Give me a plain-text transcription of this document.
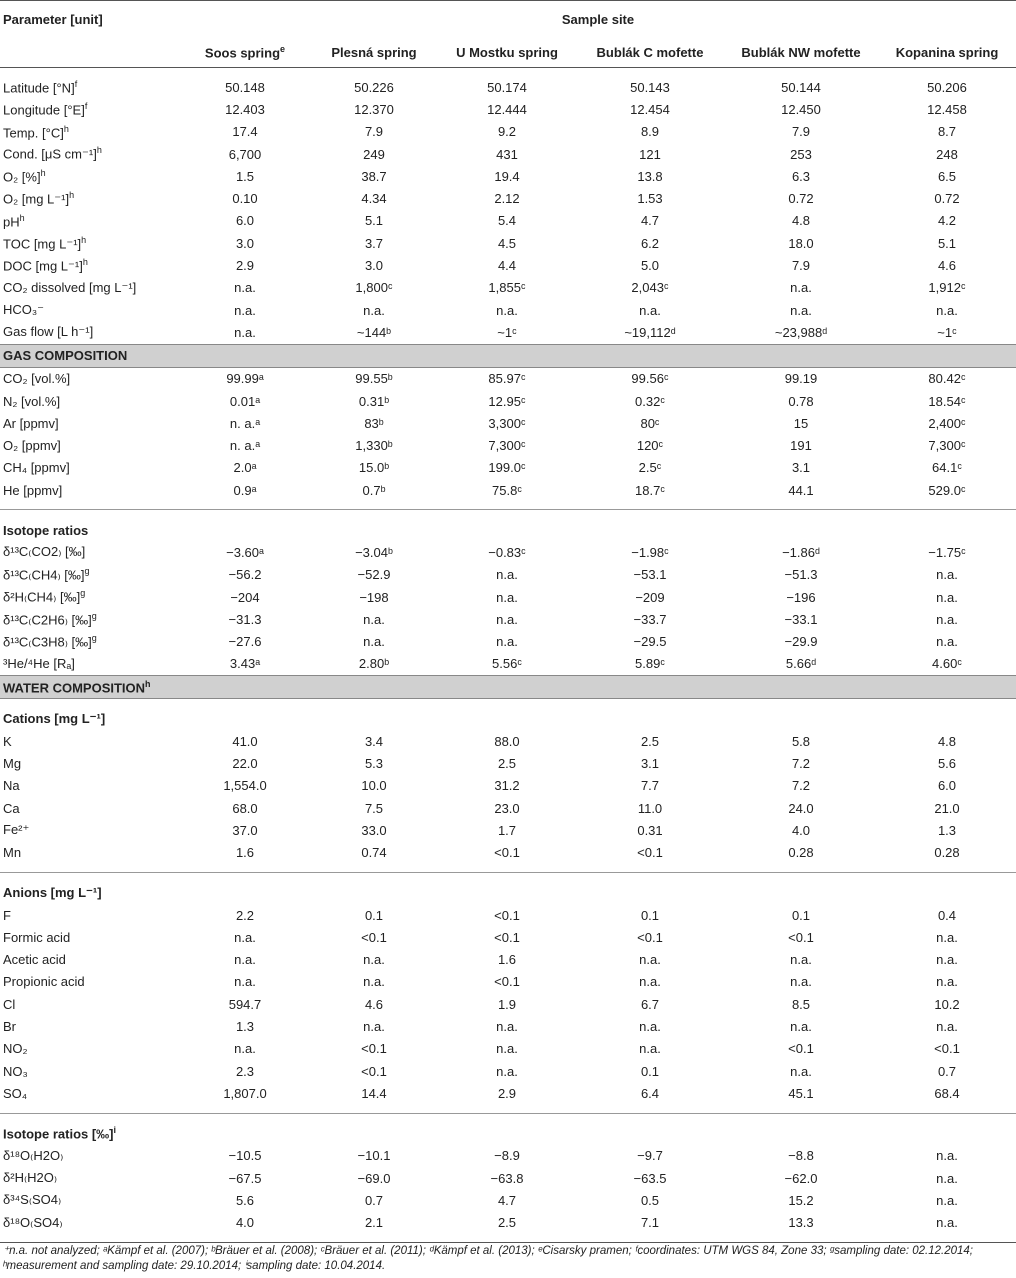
Parameter [unit]	Sample site					
	Soos spring$^e$	Plesná spring	U Mostku spring	Bublák C mofette	Bublák NW mofette	Kopanina spring

Latitude $[^\circ N]^f$	50.148	50.226	50.174	50.143	50.144	50.206
Longitude $[^\circ E]^f$	12.403	12.370	12.444	12.454	12.450	12.458
Temp. $[^\circ C]^h$	17.4	7.9	9.2	8.9	7.9	8.7
Cond. [μS cm⁻¹]$^h$	6,700	249	431	121	253	248
O₂ [%]$^h$	1.5	38.7	19.4	13.8	6.3	6.5
O₂ [mg L⁻¹]$^h$	0.10	4.34	2.12	1.53	0.72	0.72
$pH^h$	6.0	5.1	5.4	4.7	4.8	4.2
TOC [mg L⁻¹]$^h$	3.0	3.7	4.5	6.2	18.0	5.1
DOC [mg L⁻¹]$^h$	2.9	3.0	4.4	5.0	7.9	4.6
CO₂ dissolved [mg L⁻¹]	n.a.	1,800ᶜ	1,855ᶜ	2,043ᶜ	n.a.	1,912ᶜ
HCO₃⁻	n.a.	n.a.	n.a.	n.a.	n.a.	n.a.
Gas flow [L h⁻¹]	n.a.	~144ᵇ	~1ᶜ	~19,112ᵈ	~23,988ᵈ	~1ᶜ
GAS COMPOSITION						
CO₂ [vol.%]	99.99ᵃ	99.55ᵇ	85.97ᶜ	99.56ᶜ	99.19	80.42ᶜ
N₂ [vol.%]	0.01ᵃ	0.31ᵇ	12.95ᶜ	0.32ᶜ	0.78	18.54ᶜ
Ar [ppmv]	n. a.ᵃ	83ᵇ	3,300ᶜ	80ᶜ	15	2,400ᶜ
O₂ [ppmv]	n. a.ᵃ	1,330ᵇ	7,300ᶜ	120ᶜ	191	7,300ᶜ
CH₄ [ppmv]	2.0ᵃ	15.0ᵇ	199.0ᶜ	2.5ᶜ	3.1	64.1ᶜ
He [ppmv]	0.9ᵃ	0.7ᵇ	75.8ᶜ	18.7ᶜ	44.1	529.0ᶜ

Isotope ratios						
δ¹³C₍CO2₎ [‰]	−3.60ᵃ	−3.04ᵇ	−0.83ᶜ	−1.98ᶜ	−1.86ᵈ	−1.75ᶜ
δ¹³C₍CH4₎ [‰]$^g$	−56.2	−52.9	n.a.	−53.1	−51.3	n.a.
δ²H₍CH4₎ [‰]$^g$	−204	−198	n.a.	−209	−196	n.a.
δ¹³C₍C2H6₎ [‰]$^g$	−31.3	n.a.	n.a.	−33.7	−33.1	n.a.
δ¹³C₍C3H8₎ [‰]$^g$	−27.6	n.a.	n.a.	−29.5	−29.9	n.a.
³He/⁴He [Rₐ]	3.43ᵃ	2.80ᵇ	5.56ᶜ	5.89ᶜ	5.66ᵈ	4.60ᶜ
WATER COMPOSITION$^h$
Cations [mg L⁻¹]						
K	41.0	3.4	88.0	2.5	5.8	4.8
Mg	22.0	5.3	2.5	3.1	7.2	5.6
Na	1,554.0	10.0	31.2	7.7	7.2	6.0
Ca	68.0	7.5	23.0	11.0	24.0	21.0
Fe²⁺	37.0	33.0	1.7	0.31	4.0	1.3
Mn	1.6	0.74	<0.1	<0.1	0.28	0.28

Anions [mg L⁻¹]						
F	2.2	0.1	<0.1	0.1	0.1	0.4
Formic acid	n.a.	<0.1	<0.1	<0.1	<0.1	n.a.
Acetic acid	n.a.	n.a.	1.6	n.a.	n.a.	n.a.
Propionic acid	n.a.	n.a.	<0.1	n.a.	n.a.	n.a.
Cl	594.7	4.6	1.9	6.7	8.5	10.2
Br	1.3	n.a.	n.a.	n.a.	n.a.	n.a.
NO₂	n.a.	<0.1	n.a.	n.a.	<0.1	<0.1
NO₃	2.3	<0.1	n.a.	0.1	n.a.	0.7
SO₄	1,807.0	14.4	2.9	6.4	45.1	68.4

Isotope ratios [‰]$^i$
δ¹⁸O₍H2O₎	−10.5	−10.1	−8.9	−9.7	−8.8	n.a.
δ²H₍H2O₎	−67.5	−69.0	−63.8	−63.5	−62.0	n.a.
δ³⁴S₍SO4₎	5.6	0.7	4.7	0.5	15.2	n.a.
δ¹⁸O₍SO4₎	4.0	2.1	2.5	7.1	13.3	n.a.

⁺n.a. not analyzed; ᵃKämpf et al. (2007); ᵇBräuer et al. (2008); ᶜBräuer et al. (2011); ᵈKämpf et al. (2013); ᵉCisarsky pramen; ᶠcoordinates: UTM WGS 84, Zone 33; ᵍsampling date: 02.12.2014; ʰmeasurement and sampling date: 29.10.2014; ⁱsampling date: 10.04.2014.
